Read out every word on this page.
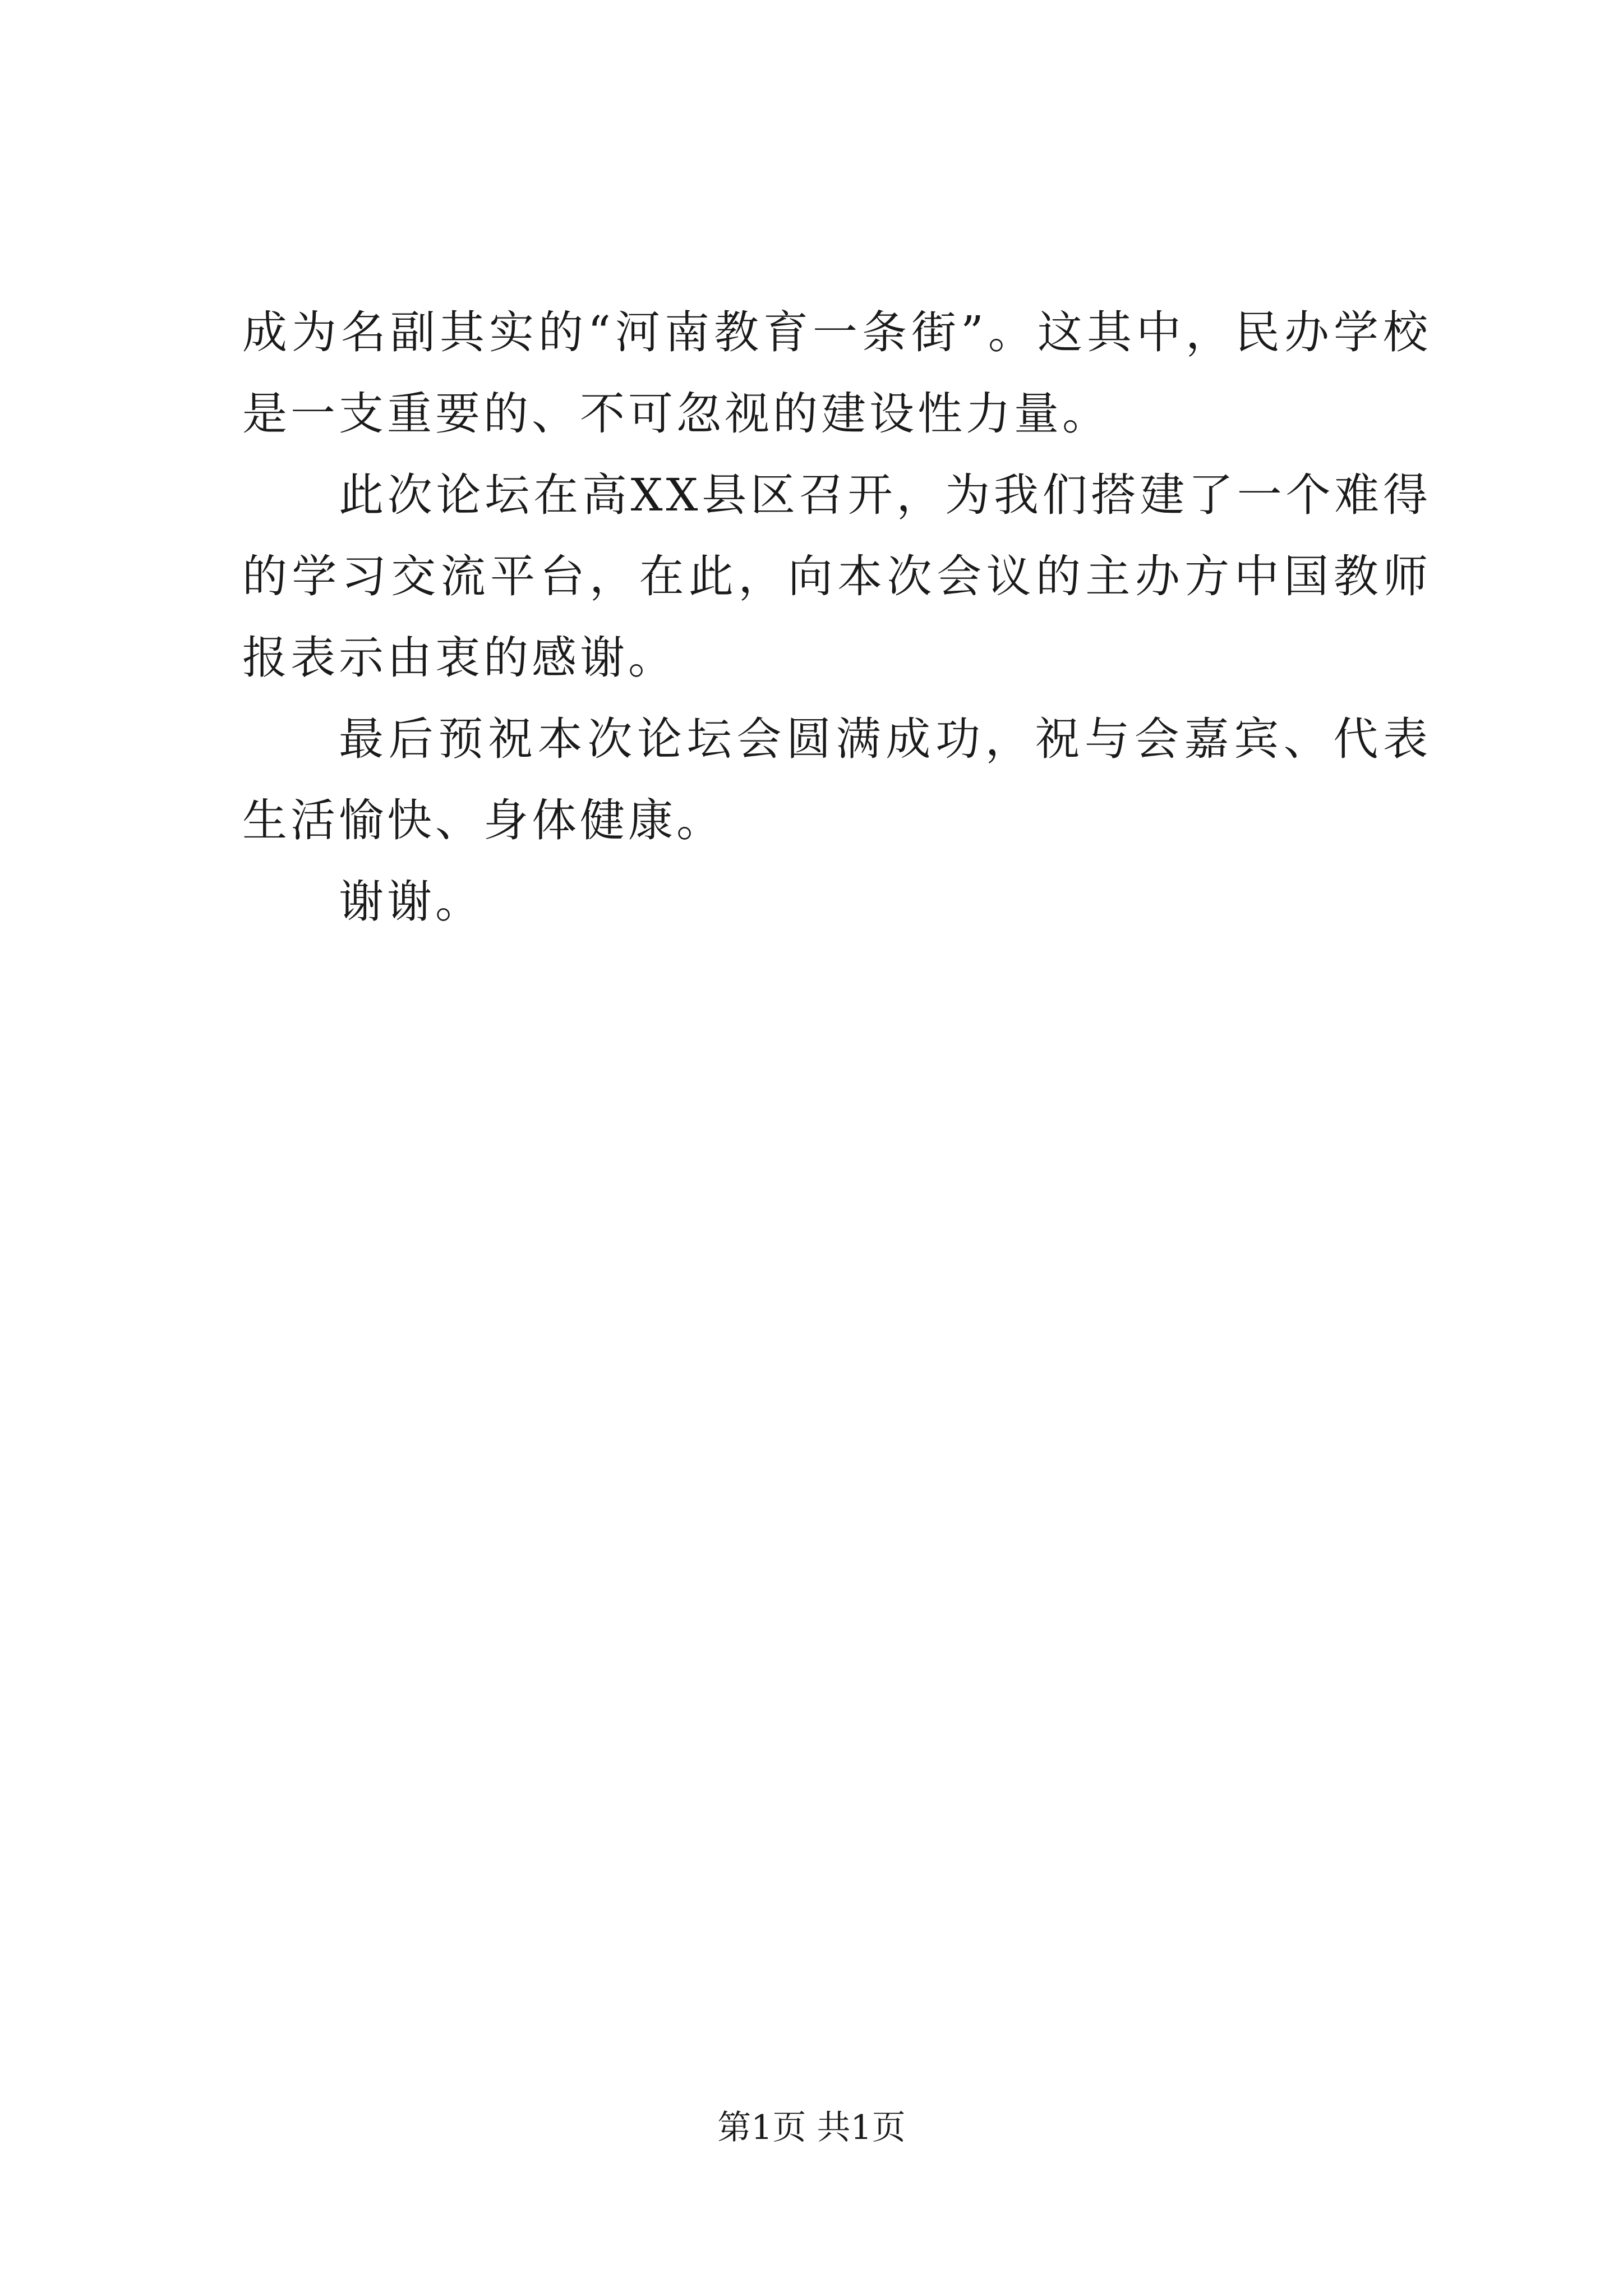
成为名副其实的“河南教育一条街”。这其中，民办学校是一支重要的、不可忽视的建设性力量。

此次论坛在高XX县区召开，为我们搭建了一个难得的学习交流平台，在此，向本次会议的主办方中国教师报表示由衷的感谢。

最后预祝本次论坛会圆满成功，祝与会嘉宾、代表生活愉快、身体健康。

谢谢。

第1页 共1页
